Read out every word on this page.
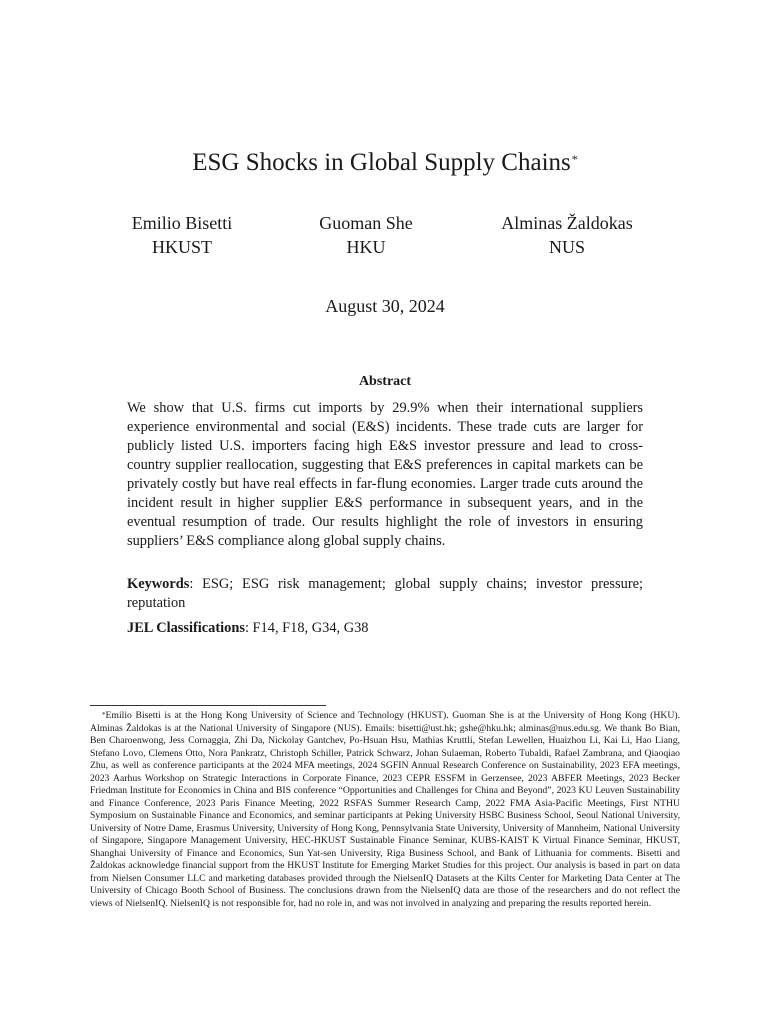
ESG Shocks in Global Supply Chains*
Emilio Bisetti
HKUST
Guoman She
HKU
Alminas Žaldokas
NUS
August 30, 2024
Abstract
We show that U.S. firms cut imports by 29.9% when their international suppliers experience environmental and social (E&S) incidents. These trade cuts are larger for publicly listed U.S. importers facing high E&S investor pressure and lead to cross-country supplier reallocation, suggesting that E&S preferences in capital markets can be privately costly but have real effects in far-flung economies. Larger trade cuts around the incident result in higher supplier E&S performance in subsequent years, and in the eventual resumption of trade. Our results highlight the role of investors in ensuring suppliers’ E&S compliance along global supply chains.
Keywords: ESG; ESG risk management; global supply chains; investor pressure; reputation
JEL Classifications: F14, F18, G34, G38
*Emilio Bisetti is at the Hong Kong University of Science and Technology (HKUST). Guoman She is at the University of Hong Kong (HKU). Alminas Žaldokas is at the National University of Singapore (NUS). Emails: bisetti@ust.hk; gshe@hku.hk; alminas@nus.edu.sg. We thank Bo Bian, Ben Charoenwong, Jess Cornaggia, Zhi Da, Nickolay Gantchev, Po-Hsuan Hsu, Mathias Kruttli, Stefan Lewellen, Huaizhou Li, Kai Li, Hao Liang, Stefano Lovo, Clemens Otto, Nora Pankratz, Christoph Schiller, Patrick Schwarz, Johan Sulaeman, Roberto Tubaldi, Rafael Zambrana, and Qiaoqiao Zhu, as well as conference participants at the 2024 MFA meetings, 2024 SGFIN Annual Research Conference on Sustainability, 2023 EFA meetings, 2023 Aarhus Workshop on Strategic Interactions in Corporate Finance, 2023 CEPR ESSFM in Gerzensee, 2023 ABFER Meetings, 2023 Becker Friedman Institute for Economics in China and BIS conference “Opportunities and Challenges for China and Beyond”, 2023 KU Leuven Sustainability and Finance Conference, 2023 Paris Finance Meeting, 2022 RSFAS Summer Research Camp, 2022 FMA Asia-Pacific Meetings, First NTHU Symposium on Sustainable Finance and Economics, and seminar participants at Peking University HSBC Business School, Seoul National University, University of Notre Dame, Erasmus University, University of Hong Kong, Pennsylvania State University, University of Mannheim, National University of Singapore, Singapore Management University, HEC-HKUST Sustainable Finance Seminar, KUBS-KAIST K Virtual Finance Seminar, HKUST, Shanghai University of Finance and Economics, Sun Yat-sen University, Riga Business School, and Bank of Lithuania for comments. Bisetti and Žaldokas acknowledge financial support from the HKUST Institute for Emerging Market Studies for this project. Our analysis is based in part on data from Nielsen Consumer LLC and marketing databases provided through the NielsenIQ Datasets at the Kilts Center for Marketing Data Center at The University of Chicago Booth School of Business. The conclusions drawn from the NielsenIQ data are those of the researchers and do not reflect the views of NielsenIQ. NielsenIQ is not responsible for, had no role in, and was not involved in analyzing and preparing the results reported herein.
